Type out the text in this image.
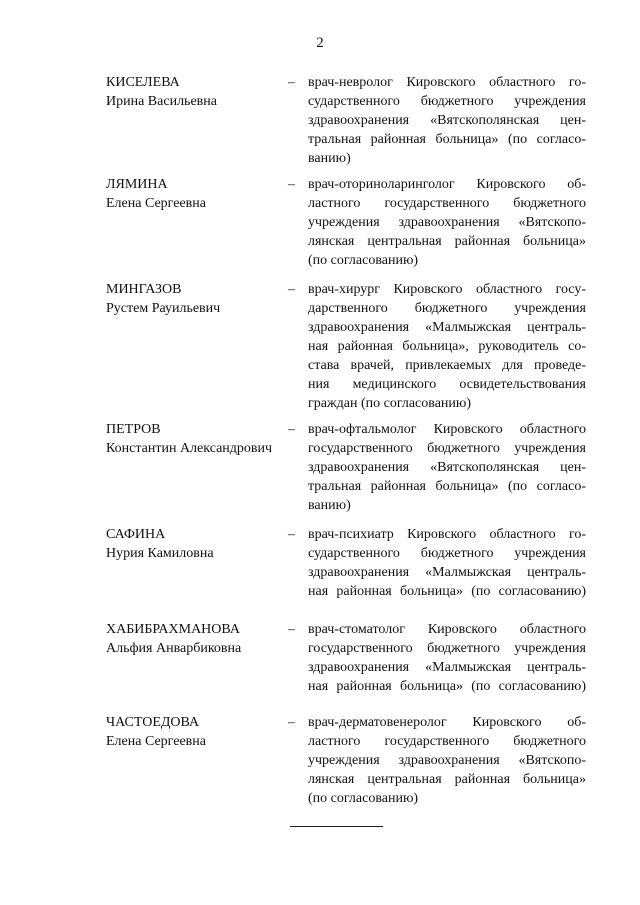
2
КИСЕЛЕВА
Ирина Васильевна
– врач-невролог Кировского областного го-
сударственного бюджетного учреждения
здравоохранения «Вятскополянская цен-
тральная районная больница» (по согласо-
ванию)
ЛЯМИНА
Елена Сергеевна
– врач-оториноларинголог Кировского об-
ластного государственного бюджетного
учреждения здравоохранения «Вятскопо-
лянская центральная районная больница»
(по согласованию)
МИНГАЗОВ
Рустем Рауильевич
– врач-хирург Кировского областного госу-
дарственного бюджетного учреждения
здравоохранения «Малмыжская централь-
ная районная больница», руководитель со-
става врачей, привлекаемых для проведе-
ния медицинского освидетельствования
граждан (по согласованию)
ПЕТРОВ
Константин Александрович
– врач-офтальмолог Кировского областного
государственного бюджетного учреждения
здравоохранения «Вятскополянская цен-
тральная районная больница» (по согласо-
ванию)
САФИНА
Нурия Камиловна
– врач-психиатр Кировского областного го-
сударственного бюджетного учреждения
здравоохранения «Малмыжская централь-
ная районная больница» (по согласованию)
ХАБИБРАХМАНОВА
Альфия Анварбиковна
– врач-стоматолог Кировского областного
государственного бюджетного учреждения
здравоохранения «Малмыжская централь-
ная районная больница» (по согласованию)
ЧАСТОЕДОВА
Елена Сергеевна
– врач-дерматовенеролог Кировского об-
ластного государственного бюджетного
учреждения здравоохранения «Вятскопо-
лянская центральная районная больница»
(по согласованию)
